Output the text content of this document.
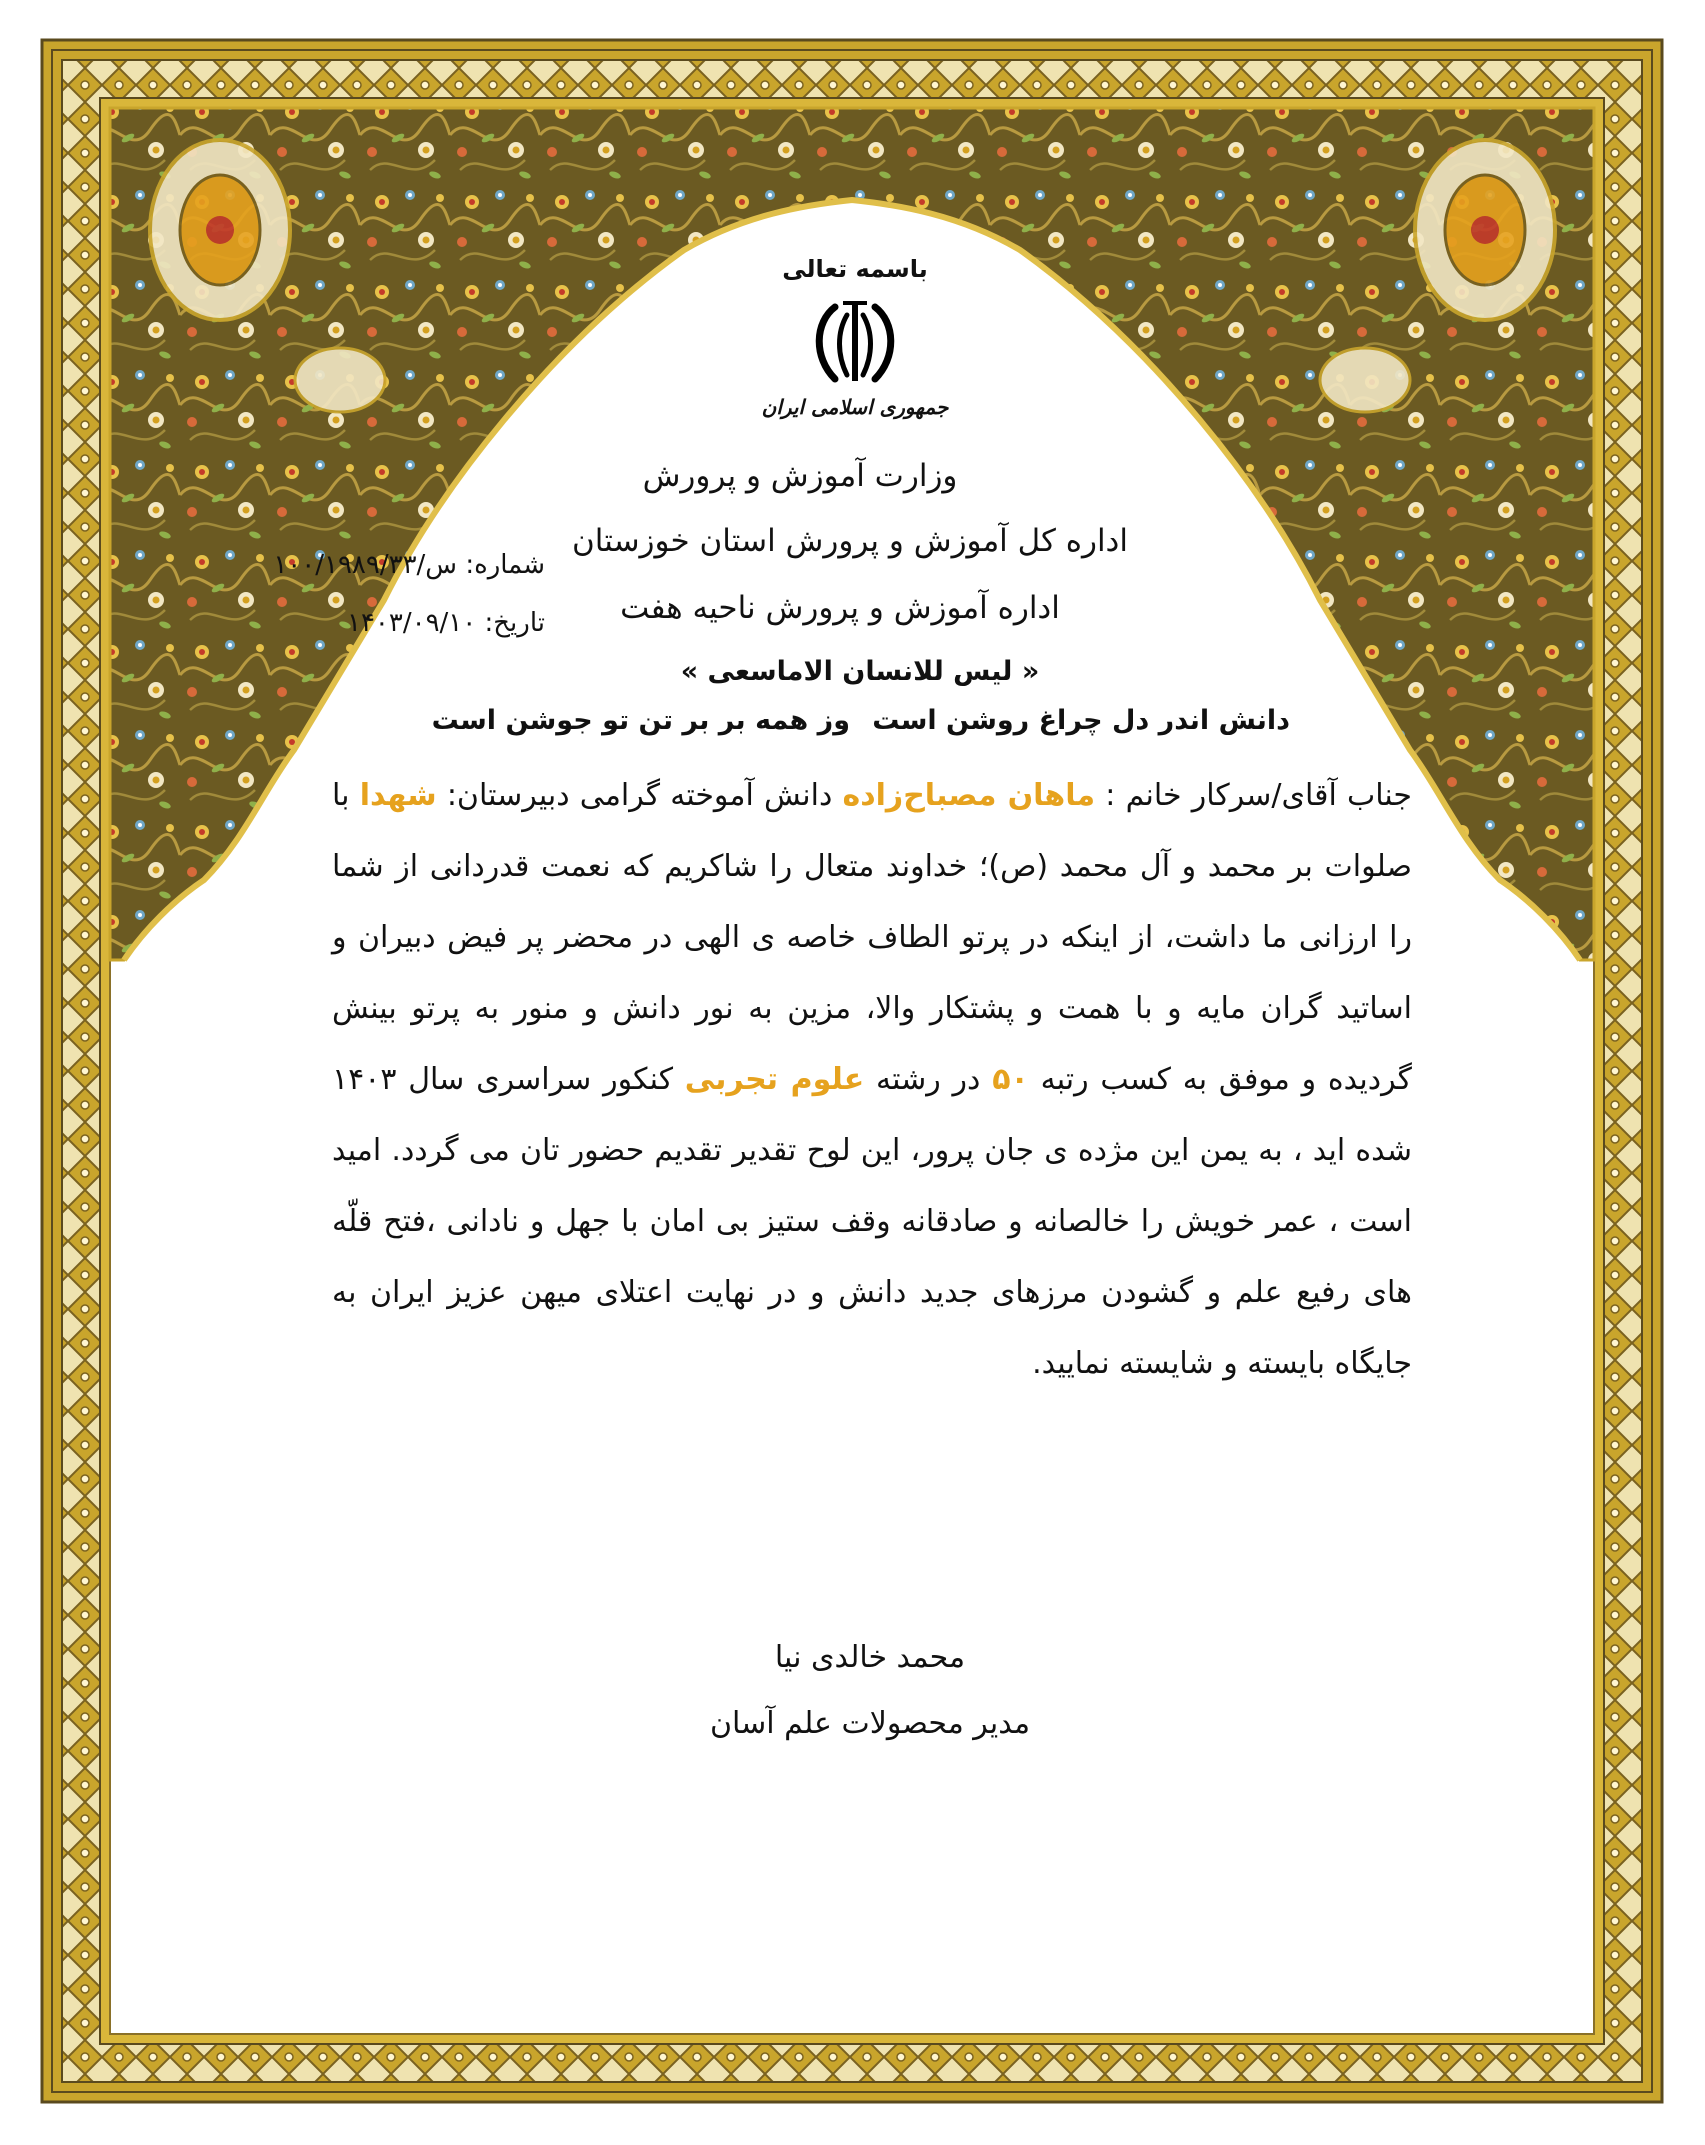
باسمه تعالی
جمهوری اسلامی ایران
وزارت آموزش و پرورش
اداره کل آموزش و پرورش استان خوزستان
اداره آموزش و پرورش ناحیه هفت
شماره: س/۱۰۰/۱۹۸۹/۳۳
تاریخ: ۱۴۰۳/۰۹/۱۰
« لیس للانسان الاماسعی »
دانش اندر دل چراغ روشن است
وز همه بر بر تن تو جوشن است
جناب آقای/سرکار خانم : ماهان مصباح‌زاده دانش آموخته گرامی دبیرستان: شهدا با صلوات بر محمد و آل محمد (ص)؛ خداوند متعال را شاکریم که نعمت قدردانی از شما را ارزانی ما داشت، از اینکه در پرتو الطاف خاصه ی الهی در محضر پر فیض دبیران و اساتید گران مایه و با همت و پشتکار والا، مزین به نور دانش و منور به پرتو بینش گردیده و موفق به کسب رتبه ۵۰ در رشته علوم تجربی کنکور سراسری سال ۱۴۰۳ شده اید ، به یمن این مژده ی جان پرور، این لوح تقدیر تقدیم حضور تان می گردد. امید است ، عمر خویش را خالصانه و صادقانه وقف ستیز بی امان با جهل و نادانی ،فتح قلّه های رفیع علم و گشودن مرزهای جدید دانش و در نهایت اعتلای میهن عزیز ایران به جایگاه بایسته و شایسته نمایید.
محمد خالدی نیا
مدیر محصولات علم آسان
